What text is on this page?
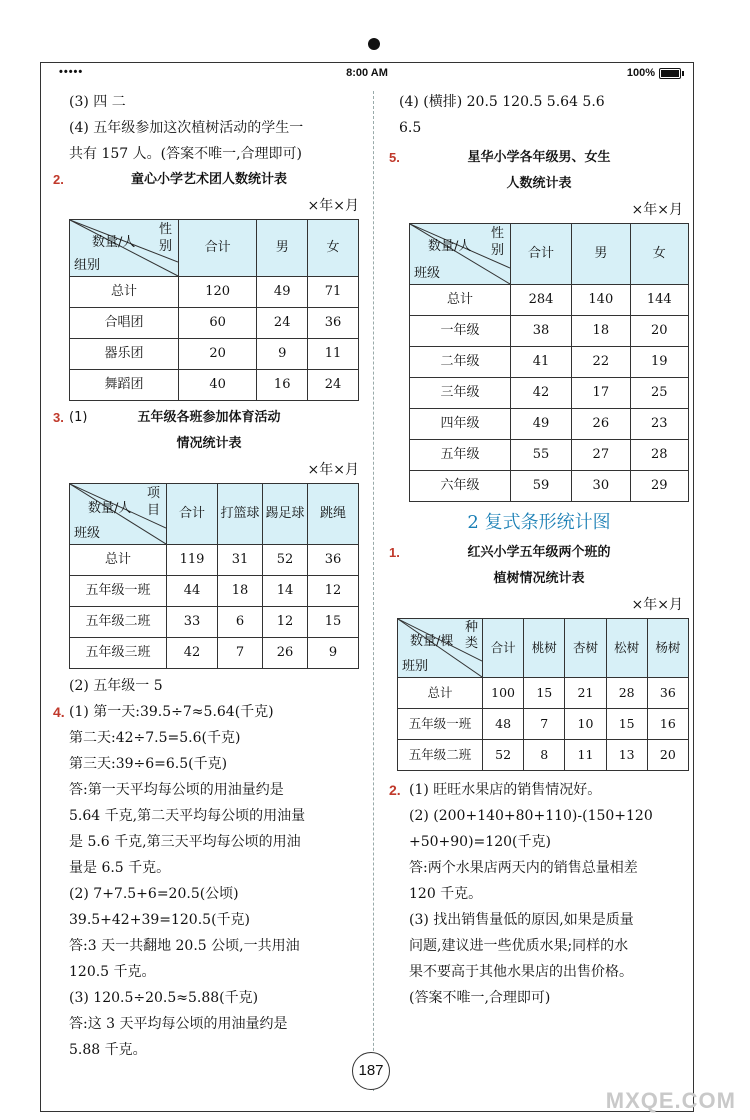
•••••	8:00 AM	100%

(3) 四 二

(4) 五年级参加这次植树活动的学生一

共有 157 人。(答案不唯一,合理即可)

2.	童心小学艺术团人数统计表

×年×月

性
别
数量/人
组别	合计	男	女
总计	120	49	71
合唱团	60	24	36
器乐团	20	9	11
舞蹈团	40	16	24

3. (1)	五年级各班参加体育活动

情况统计表

×年×月

项
目
数量/人
班级	合计	打篮球	踢足球	跳绳
总计	119	31	52	36
五年级一班	44	18	14	12
五年级二班	33	6	12	15
五年级三班	42	7	26	9

(2) 五年级一 5

4. (1) 第一天:39.5÷7≈5.64(千克)

第二天:42÷7.5=5.6(千克)

第三天:39÷6=6.5(千克)

答:第一天平均每公顷的用油量约是

5.64 千克,第二天平均每公顷的用油量

是 5.6 千克,第三天平均每公顷的用油

量是 6.5 千克。

(2) 7+7.5+6=20.5(公顷)

39.5+42+39=120.5(千克)

答:3 天一共翻地 20.5 公顷,一共用油

120.5 千克。

(3) 120.5÷20.5≈5.88(千克)

答:这 3 天平均每公顷的用油量约是

5.88 千克。

(4) (横排) 20.5 120.5 5.64 5.6

6.5

5.	星华小学各年级男、女生

人数统计表

×年×月

性
别
数量/人
班级	合计	男	女
总计	284	140	144
一年级	38	18	20
二年级	41	22	19
三年级	42	17	25
四年级	49	26	23
五年级	55	27	28
六年级	59	30	29

2 复式条形统计图

1.	红兴小学五年级两个班的

植树情况统计表

×年×月

种
类
数量/棵
班别	合计	桃树	杏树	松树	杨树
总计	100	15	21	28	36
五年级一班	48	7	10	15	16
五年级二班	52	8	11	13	20
2. (1) 旺旺水果店的销售情况好。

(2) (200+140+80+110)-(150+120

+50+90)=120(千克)

答:两个水果店两天内的销售总量相差

120 千克。

(3) 找出销售量低的原因,如果是质量

问题,建议进一些优质水果;同样的水

果不要高于其他水果店的出售价格。

(答案不唯一,合理即可)

187
MXQE.COM
